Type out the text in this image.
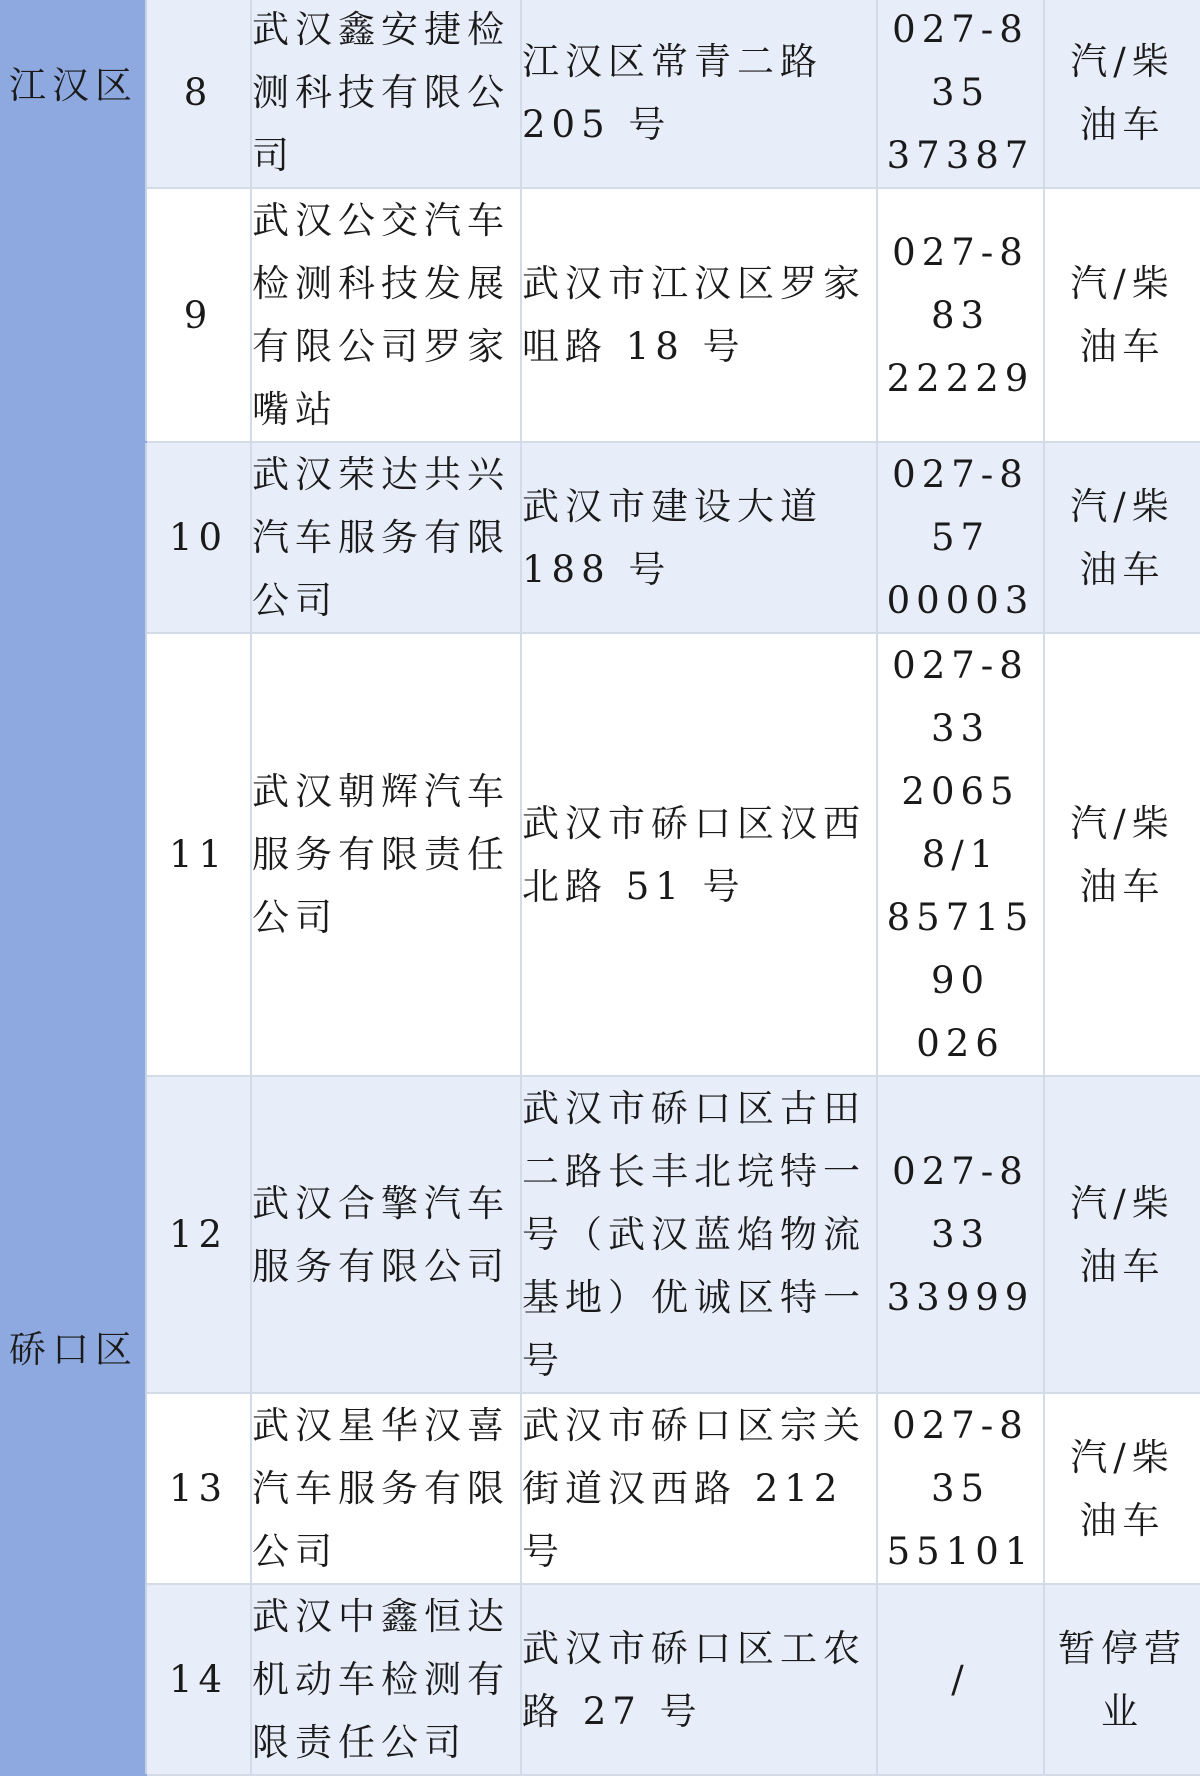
江汉区	8	武汉鑫安捷检
测科技有限公
司	江汉区常青二路
205 号	027-835
37387	汽/柴
油车

	9	武汉公交汽车
检测科技发展
有限公司罗家
嘴站	武汉市江汉区罗家
咀路 18 号	027-883
22229	汽/柴
油车

硚口区	10	武汉荣达共兴
汽车服务有限
公司	武汉市建设大道
188 号	027-857
00003	汽/柴
油车

	11	武汉朝辉汽车
服务有限责任
公司	武汉市硚口区汉西
北路 51 号	027-833
20658/1
8571590
026	汽/柴
油车

	12	武汉合擎汽车
服务有限公司	武汉市硚口区古田
二路长丰北垸特一
号（武汉蓝焰物流
基地）优诚区特一
号	027-833
33999	汽/柴
油车

	13	武汉星华汉喜
汽车服务有限
公司	武汉市硚口区宗关
街道汉西路 212 号	027-835
55101	汽/柴
油车

	14	武汉中鑫恒达
机动车检测有
限责任公司	武汉市硚口区工农
路 27 号	/	暂停营
业
